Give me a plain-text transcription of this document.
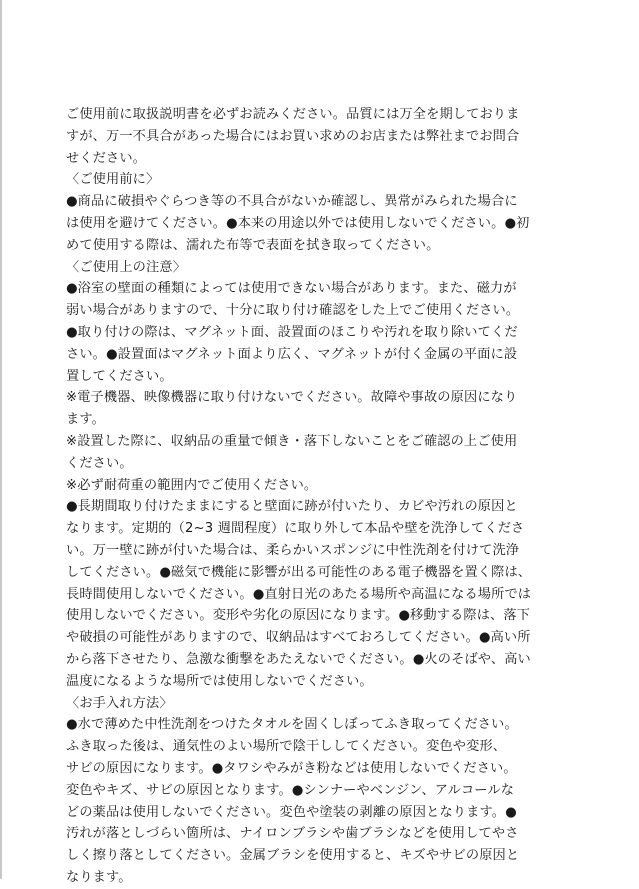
ご使用前に取扱説明書を必ずお読みください。品質には万全を期しておりま
すが、万一不具合があった場合にはお買い求めのお店または弊社までお問合
せください。
〈ご使用前に〉
●商品に破損やぐらつき等の不具合がないか確認し、異常がみられた場合に
は使用を避けてください。●本来の用途以外では使用しないでください。●初
めて使用する際は、濡れた布等で表面を拭き取ってください。
〈ご使用上の注意〉
●浴室の壁面の種類によっては使用できない場合があります。また、磁力が
弱い場合がありますので、十分に取り付け確認をした上でご使用ください。
●取り付けの際は、マグネット面、設置面のほこりや汚れを取り除いてくだ
さい。●設置面はマグネット面より広く、マグネットが付く金属の平面に設
置してください。
※電子機器、映像機器に取り付けないでください。故障や事故の原因になり
ます。
※設置した際に、収納品の重量で傾き・落下しないことをご確認の上ご使用
ください。
※必ず耐荷重の範囲内でご使用ください。
●長期間取り付けたままにすると壁面に跡が付いたり、カビや汚れの原因と
なります。定期的（2~3 週間程度）に取り外して本品や壁を洗浄してくださ
い。万一壁に跡が付いた場合は、柔らかいスポンジに中性洗剤を付けて洗浄
してください。●磁気で機能に影響が出る可能性のある電子機器を置く際は、
長時間使用しないでください。●直射日光のあたる場所や高温になる場所では
使用しないでください。変形や劣化の原因になります。●移動する際は、落下
や破損の可能性がありますので、収納品はすべておろしてください。●高い所
から落下させたり、急激な衝撃をあたえないでください。●火のそばや、高い
温度になるような場所では使用しないでください。
〈お手入れ方法〉
●水で薄めた中性洗剤をつけたタオルを固くしぼってふき取ってください。
ふき取った後は、通気性のよい場所で陰干ししてください。変色や変形、
サビの原因になります。●タワシやみがき粉などは使用しないでください。
変色やキズ、サビの原因となります。●シンナーやベンジン、アルコールな
どの薬品は使用しないでください。変色や塗装の剥離の原因となります。●
汚れが落としづらい箇所は、ナイロンブラシや歯ブラシなどを使用してやさ
しく擦り落としてください。金属ブラシを使用すると、キズやサビの原因と
なります。
